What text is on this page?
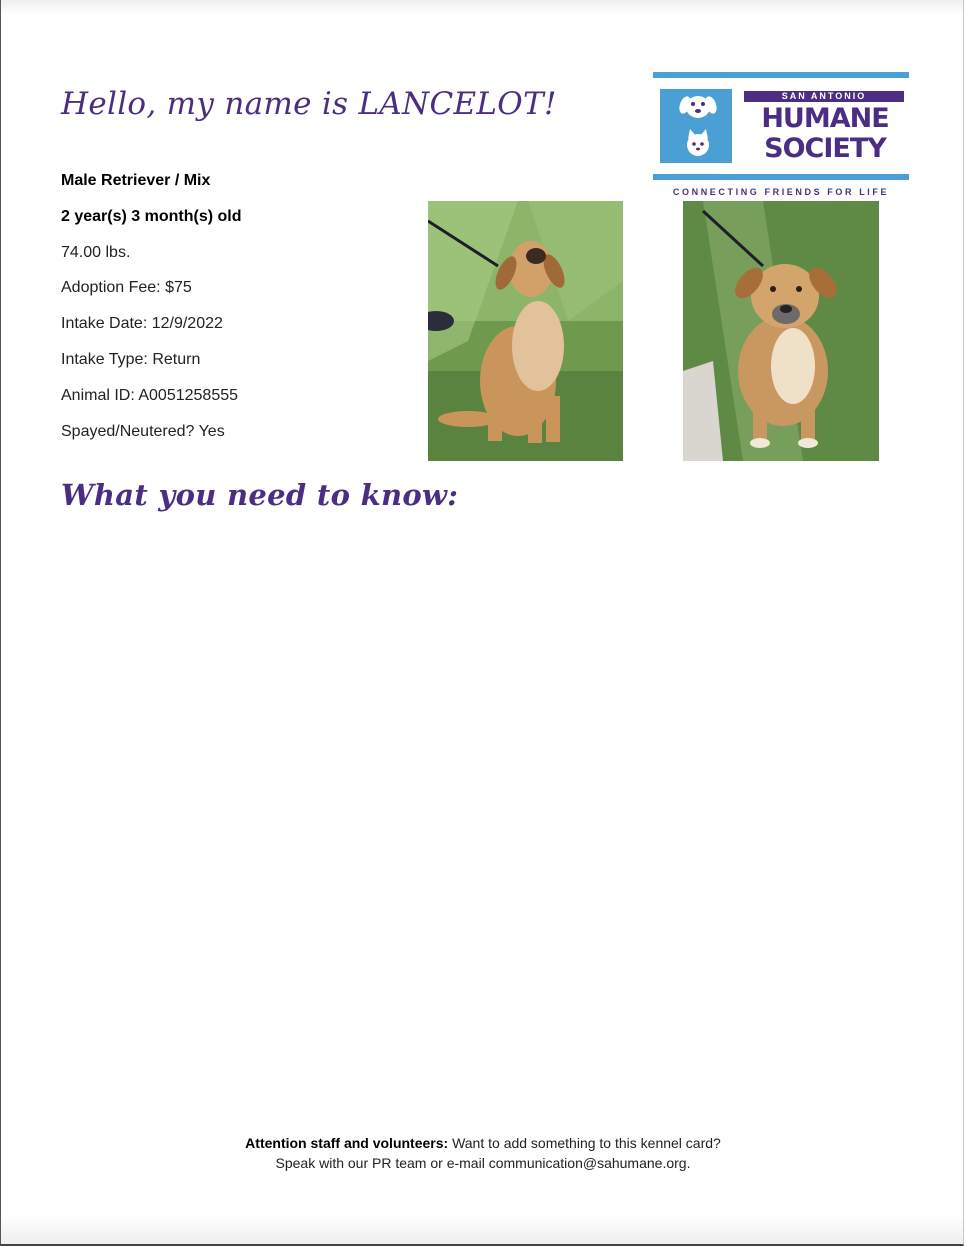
Hello, my name is LANCELOT!
Male Retriever / Mix
2 year(s) 3 month(s) old
74.00 lbs.
Adoption Fee: $75
Intake Date: 12/9/2022
Intake Type: Return
Animal ID: A0051258555
Spayed/Neutered? Yes
SAN ANTONIO
HUMANE
SOCIETY
CONNECTING FRIENDS FOR LIFE
What you need to know:
Attention staff and volunteers: Want to add something to this kennel card?
Speak with our PR team or e-mail communication@sahumane.org.
